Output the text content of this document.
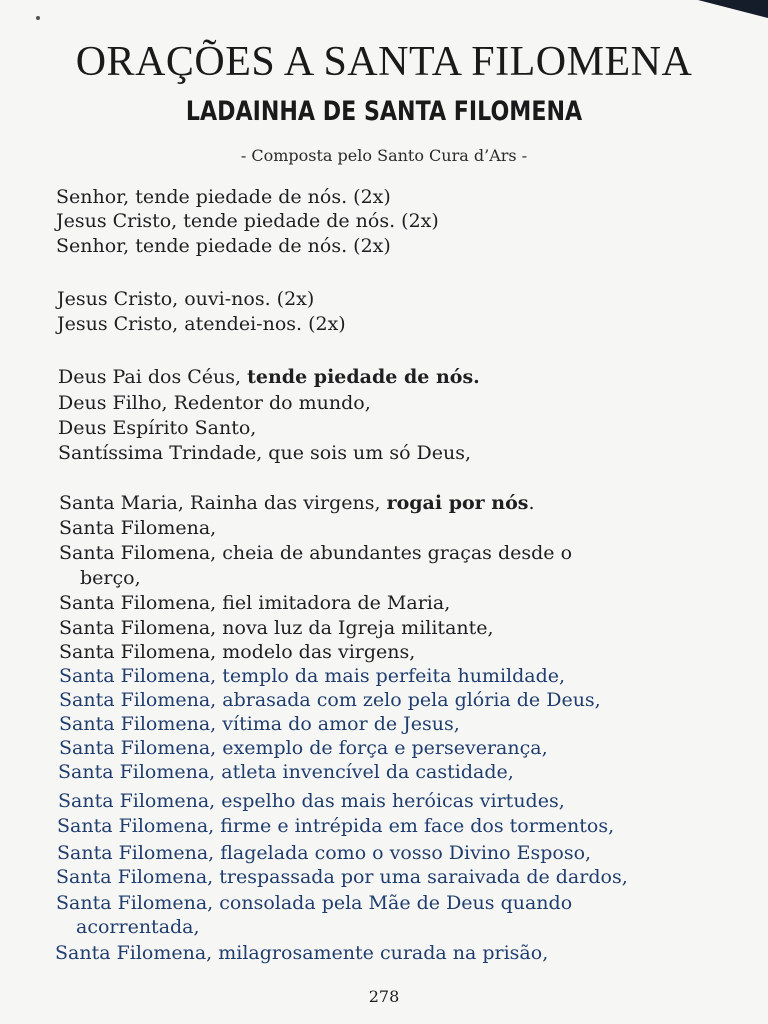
ORAÇÕES A SANTA FILOMENA
LADAINHA DE SANTA FILOMENA
- Composta pelo Santo Cura d’Ars -
Senhor, tende piedade de nós. (2x)
Jesus Cristo, tende piedade de nós. (2x)
Senhor, tende piedade de nós. (2x)
Jesus Cristo, ouvi-nos. (2x)
Jesus Cristo, atendei-nos. (2x)
Deus Pai dos Céus, tende piedade de nós.
Deus Filho, Redentor do mundo,
Deus Espírito Santo,
Santíssima Trindade, que sois um só Deus,
Santa Maria, Rainha das virgens, rogai por nós.
Santa Filomena,
Santa Filomena, cheia de abundantes graças desde o
berço,
Santa Filomena, fiel imitadora de Maria,
Santa Filomena, nova luz da Igreja militante,
Santa Filomena, modelo das virgens,
Santa Filomena, templo da mais perfeita humildade,
Santa Filomena, abrasada com zelo pela glória de Deus,
Santa Filomena, vítima do amor de Jesus,
Santa Filomena, exemplo de força e perseverança,
Santa Filomena, atleta invencível da castidade,
Santa Filomena, espelho das mais heróicas virtudes,
Santa Filomena, firme e intrépida em face dos tormentos,
Santa Filomena, flagelada como o vosso Divino Esposo,
Santa Filomena, trespassada por uma saraivada de dardos,
Santa Filomena, consolada pela Mãe de Deus quando
acorrentada,
Santa Filomena, milagrosamente curada na prisão,
278
